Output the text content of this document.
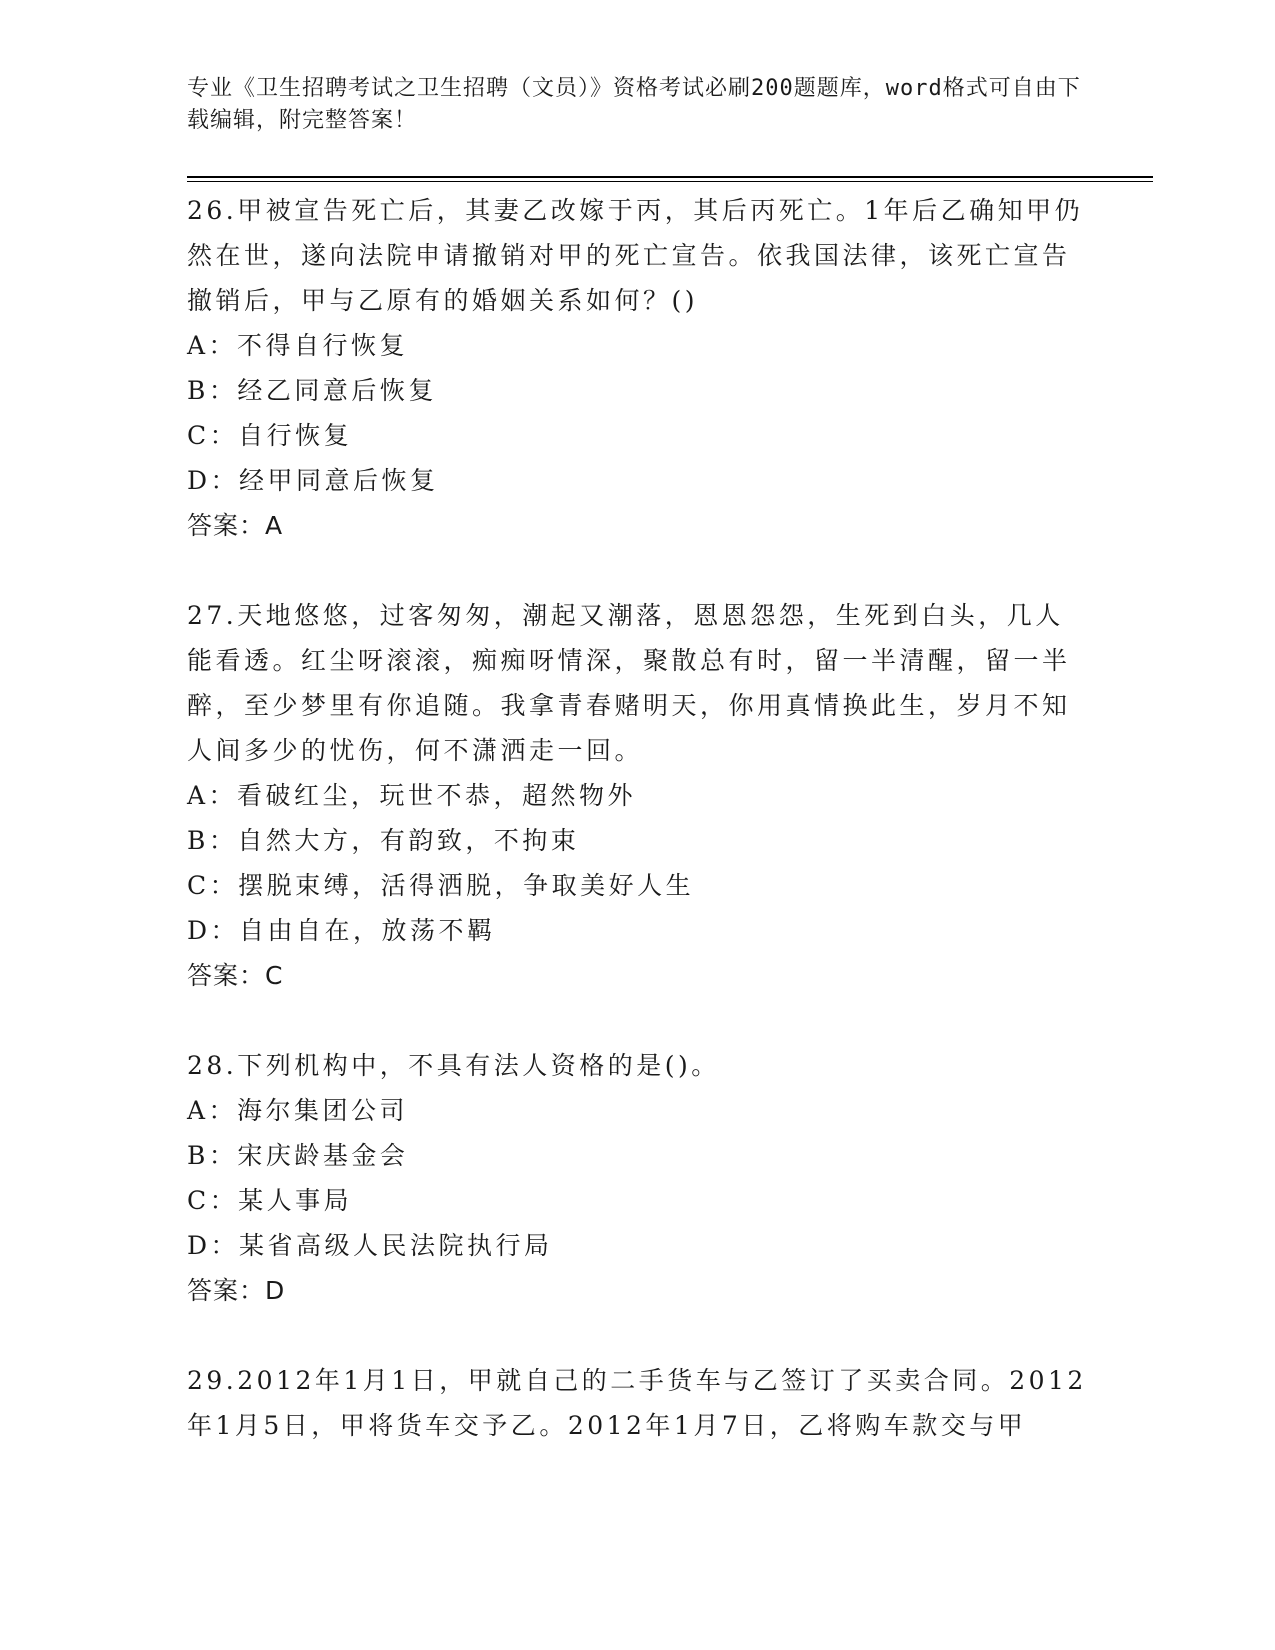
专业《卫生招聘考试之卫生招聘（文员）》资格考试必刷200题题库，word格式可自由下载编辑，附完整答案！

26.甲被宣告死亡后，其妻乙改嫁于丙，其后丙死亡。1年后乙确知甲仍然在世，遂向法院申请撤销对甲的死亡宣告。依我国法律，该死亡宣告撤销后，甲与乙原有的婚姻关系如何？()

A：不得自行恢复

B：经乙同意后恢复

C：自行恢复

D：经甲同意后恢复

答案：A

27.天地悠悠，过客匆匆，潮起又潮落，恩恩怨怨，生死到白头，几人能看透。红尘呀滚滚，痴痴呀情深，聚散总有时，留一半清醒，留一半醉，至少梦里有你追随。我拿青春赌明天，你用真情换此生，岁月不知人间多少的忧伤，何不潇洒走一回。

A：看破红尘，玩世不恭，超然物外

B：自然大方，有韵致，不拘束

C：摆脱束缚，活得洒脱，争取美好人生

D：自由自在，放荡不羁

答案：C

28.下列机构中，不具有法人资格的是()。

A：海尔集团公司

B：宋庆龄基金会

C：某人事局

D：某省高级人民法院执行局

答案：D

29.2012年1月1日，甲就自己的二手货车与乙签订了买卖合同。2012年1月5日，甲将货车交予乙。2012年1月7日，乙将购车款交与甲
